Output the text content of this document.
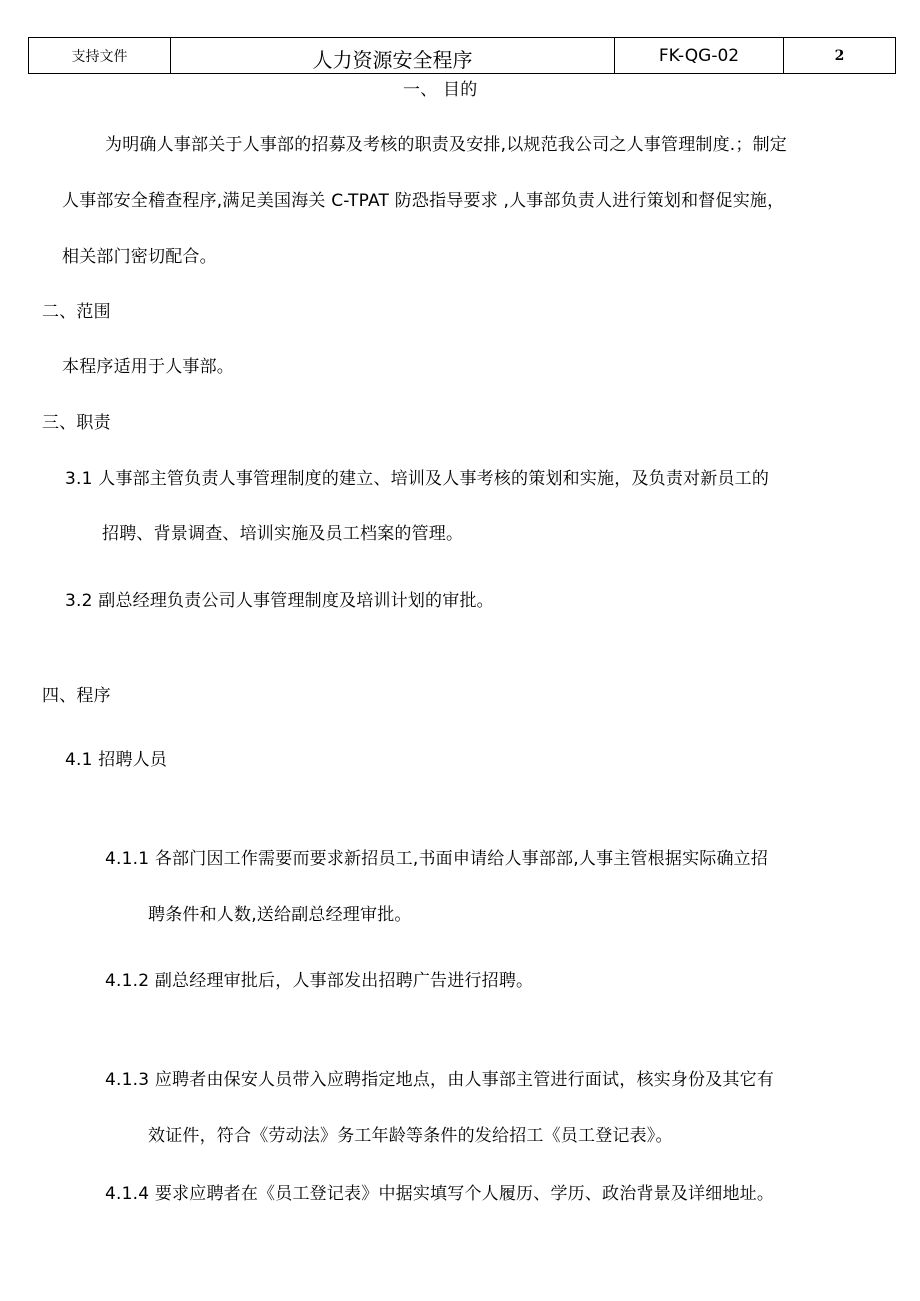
支持文件	人力资源安全程序	FK-QG-02	2
一、 目的
为明确人事部关于人事部的招募及考核的职责及安排,以规范我公司之人事管理制度.；制定
人事部安全稽查程序,满足美国海关 C-TPAT 防恐指导要求 ,人事部负责人进行策划和督促实施，
相关部门密切配合。
二、范围
本程序适用于人事部。
三、职责
3.1 人事部主管负责人事管理制度的建立、培训及人事考核的策划和实施，及负责对新员工的
招聘、背景调查、培训实施及员工档案的管理。
3.2 副总经理负责公司人事管理制度及培训计划的审批。
四、程序
4.1 招聘人员
4.1.1 各部门因工作需要而要求新招员工,书面申请给人事部部,人事主管根据实际确立招
聘条件和人数,送给副总经理审批。
4.1.2 副总经理审批后，人事部发出招聘广告进行招聘。
4.1.3 应聘者由保安人员带入应聘指定地点，由人事部主管进行面试，核实身份及其它有
效证件，符合《劳动法》务工年龄等条件的发给招工《员工登记表》。
4.1.4 要求应聘者在《员工登记表》中据实填写个人履历、学历、政治背景及详细地址。
